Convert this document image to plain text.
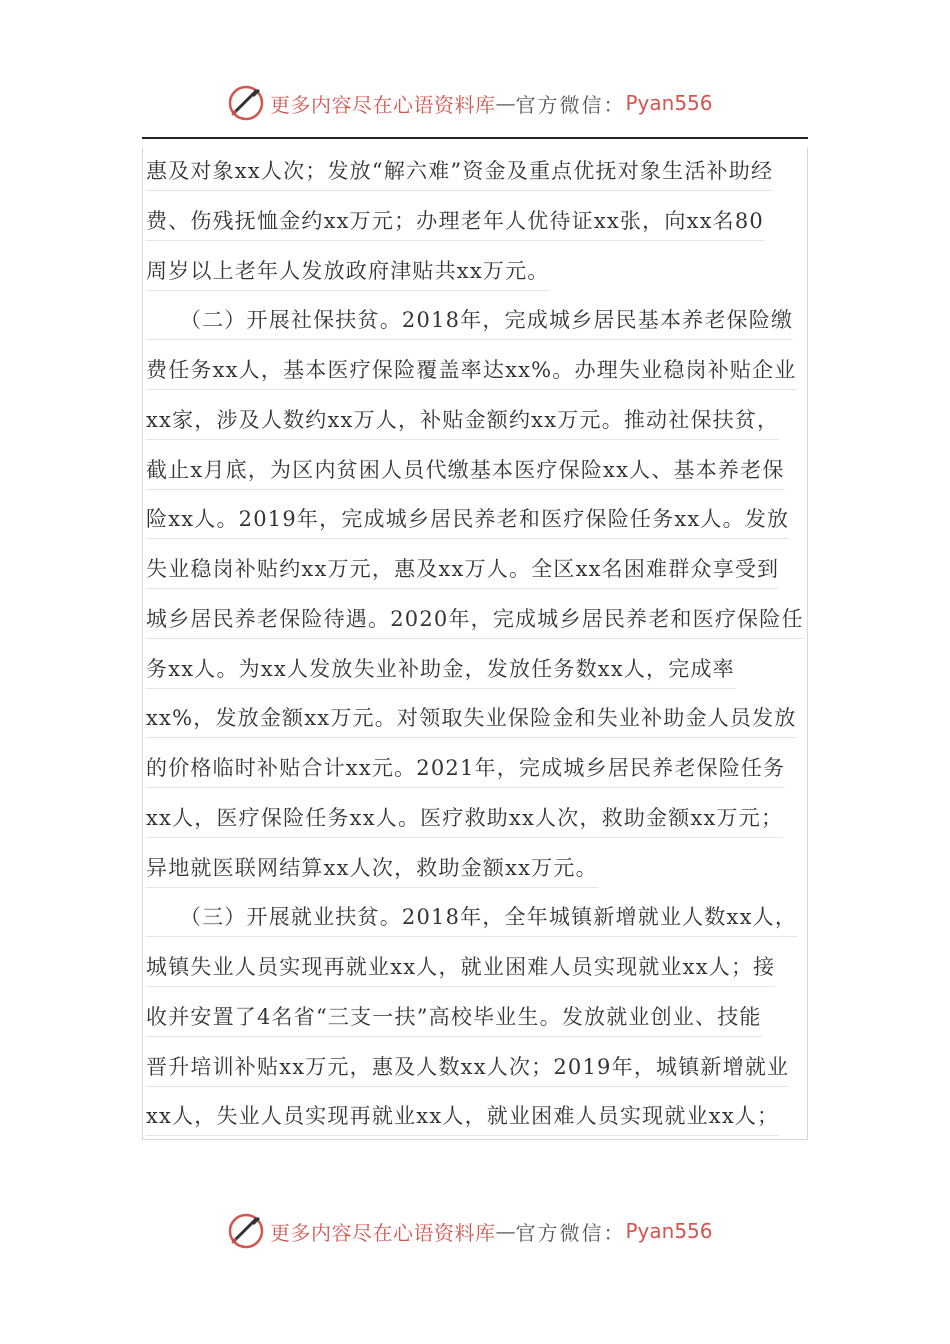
更多内容尽在心语资料库 — 官方微信： Pyan556
惠及对象xx人次；发放“解六难”资金及重点优抚对象生活补助经
费、伤残抚恤金约xx万元；办理老年人优待证xx张，向xx名80
周岁以上老年人发放政府津贴共xx万元。
　　（二）开展社保扶贫。2018年，完成城乡居民基本养老保险缴
费任务xx人，基本医疗保险覆盖率达xx%。办理失业稳岗补贴企业
xx家，涉及人数约xx万人，补贴金额约xx万元。推动社保扶贫，
截止x月底，为区内贫困人员代缴基本医疗保险xx人、基本养老保
险xx人。2019年，完成城乡居民养老和医疗保险任务xx人。发放
失业稳岗补贴约xx万元，惠及xx万人。全区xx名困难群众享受到
城乡居民养老保险待遇。2020年，完成城乡居民养老和医疗保险任
务xx人。为xx人发放失业补助金，发放任务数xx人，完成率
xx%，发放金额xx万元。对领取失业保险金和失业补助金人员发放
的价格临时补贴合计xx元。2021年，完成城乡居民养老保险任务
xx人，医疗保险任务xx人。医疗救助xx人次，救助金额xx万元；
异地就医联网结算xx人次，救助金额xx万元。
　　（三）开展就业扶贫。2018年，全年城镇新增就业人数xx人，
城镇失业人员实现再就业xx人，就业困难人员实现就业xx人；接
收并安置了4名省“三支一扶”高校毕业生。发放就业创业、技能
晋升培训补贴xx万元，惠及人数xx人次；2019年，城镇新增就业
xx人，失业人员实现再就业xx人，就业困难人员实现就业xx人；
更多内容尽在心语资料库 — 官方微信： Pyan556
